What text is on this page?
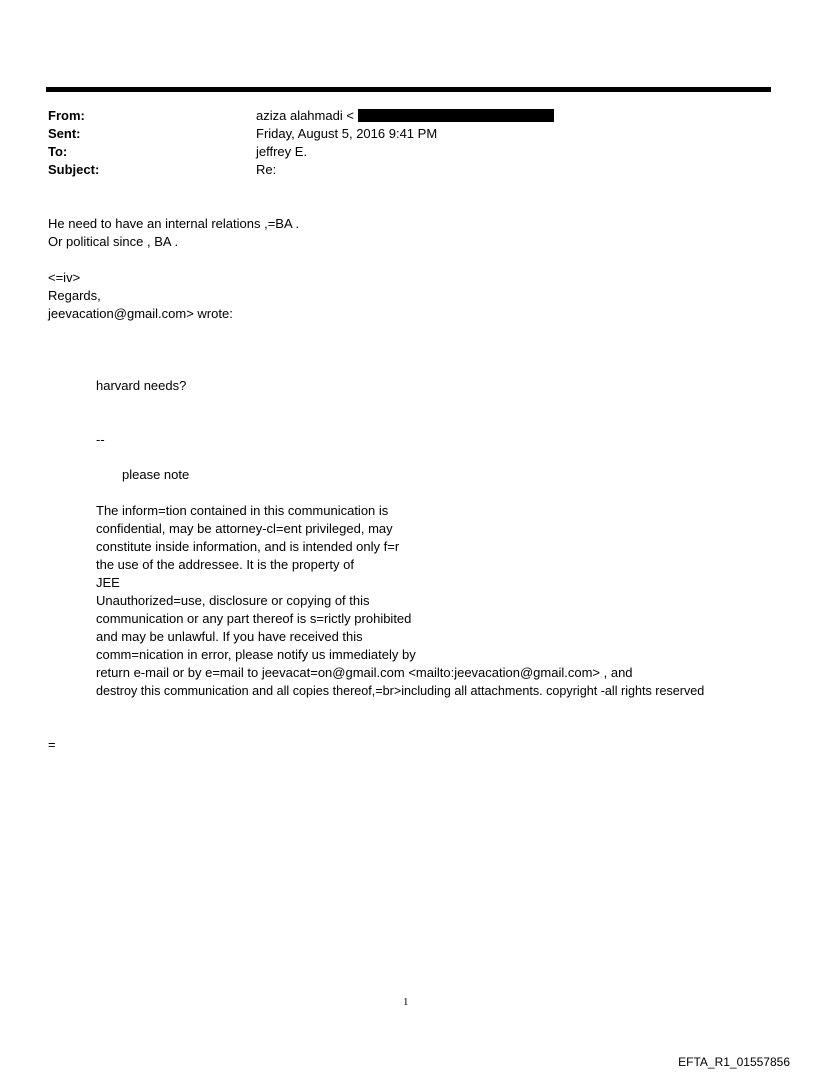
From:	aziza alahmadi <
Sent:	Friday, August 5, 2016 9:41 PM
To:	jeffrey E.
Subject:	Re:
He need to have an internal relations ,=BA .
Or political since , BA .
<=iv>
Regards,
jeevacation@gmail.com> wrote:
harvard needs?
--
please note
The inform=tion contained in this communication is
confidential, may be attorney-cl=ent privileged, may
constitute inside information, and is intended only f=r
the use of the addressee. It is the property of
JEE
Unauthorized=use, disclosure or copying of this
communication or any part thereof is s=rictly prohibited
and may be unlawful. If you have received this
comm=nication in error, please notify us immediately by
return e-mail or by e=mail to jeevacat=on@gmail.com <mailto:jeevacation@gmail.com> , and
destroy this communication and all copies thereof,=br>including all attachments. copyright -all rights reserved
=
1
EFTA_R1_01557856
